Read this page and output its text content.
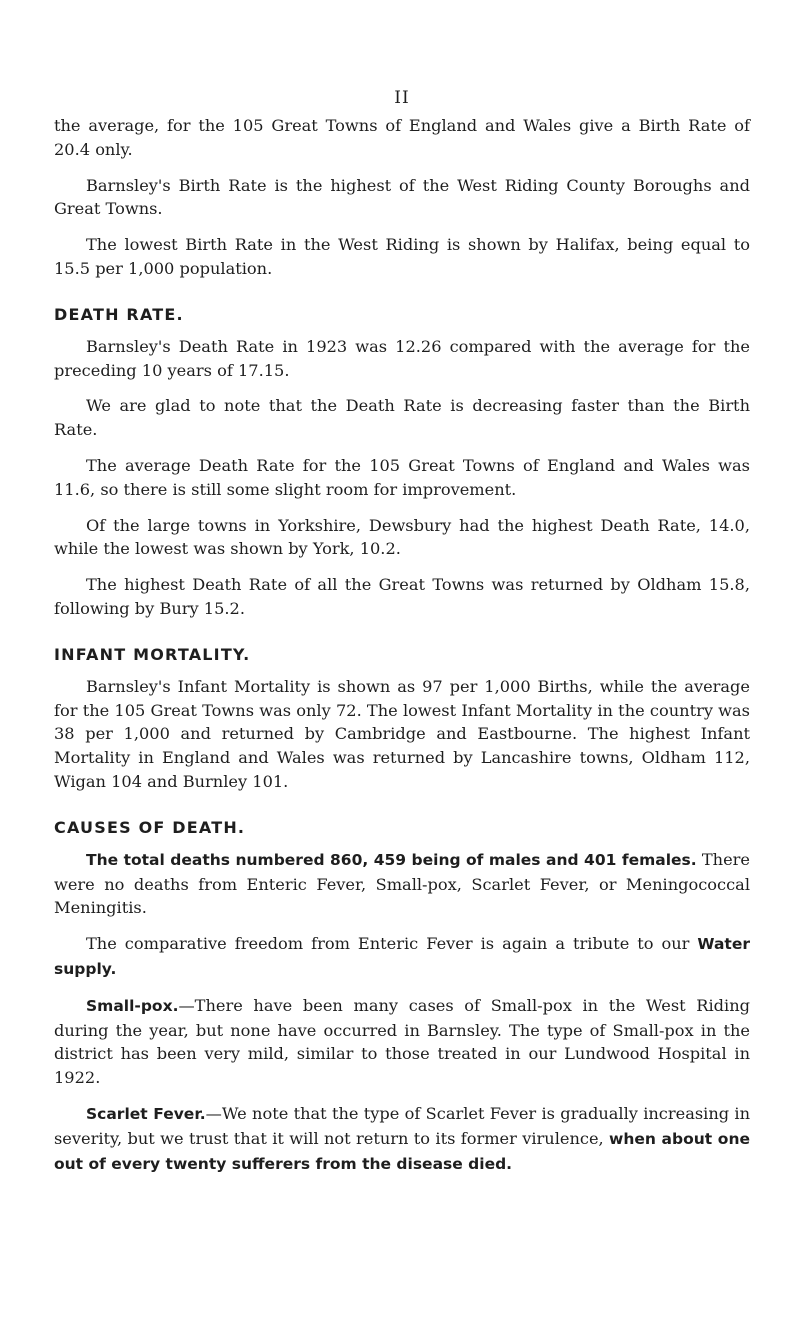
II

the average, for the 105 Great Towns of England and Wales give a Birth Rate of 20.4 only.

Barnsley's Birth Rate is the highest of the West Riding County Boroughs and Great Towns.

The lowest Birth Rate in the West Riding is shown by Halifax, being equal to 15.5 per 1,000 population.

DEATH RATE.

Barnsley's Death Rate in 1923 was 12.26 compared with the average for the preceding 10 years of 17.15.

We are glad to note that the Death Rate is decreasing faster than the Birth Rate.

The average Death Rate for the 105 Great Towns of England and Wales was 11.6, so there is still some slight room for improvement.

Of the large towns in Yorkshire, Dewsbury had the highest Death Rate, 14.0, while the lowest was shown by York, 10.2.

The highest Death Rate of all the Great Towns was returned by Oldham 15.8, following by Bury 15.2.

INFANT MORTALITY.

Barnsley's Infant Mortality is shown as 97 per 1,000 Births, while the average for the 105 Great Towns was only 72. The lowest Infant Mortality in the country was 38 per 1,000 and returned by Cambridge and Eastbourne. The highest Infant Mortality in England and Wales was returned by Lancashire towns, Oldham 112, Wigan 104 and Burnley 101.

CAUSES OF DEATH.

The total deaths numbered 860, 459 being of males and 401 females. There were no deaths from Enteric Fever, Small-pox, Scarlet Fever, or Meningococcal Meningitis.

The comparative freedom from Enteric Fever is again a tribute to our Water supply.

Small-pox.—There have been many cases of Small-pox in the West Riding during the year, but none have occurred in Barnsley. The type of Small-pox in the district has been very mild, similar to those treated in our Lundwood Hospital in 1922.

Scarlet Fever.—We note that the type of Scarlet Fever is gradually increasing in severity, but we trust that it will not return to its former virulence, when about one out of every twenty sufferers from the disease died.
